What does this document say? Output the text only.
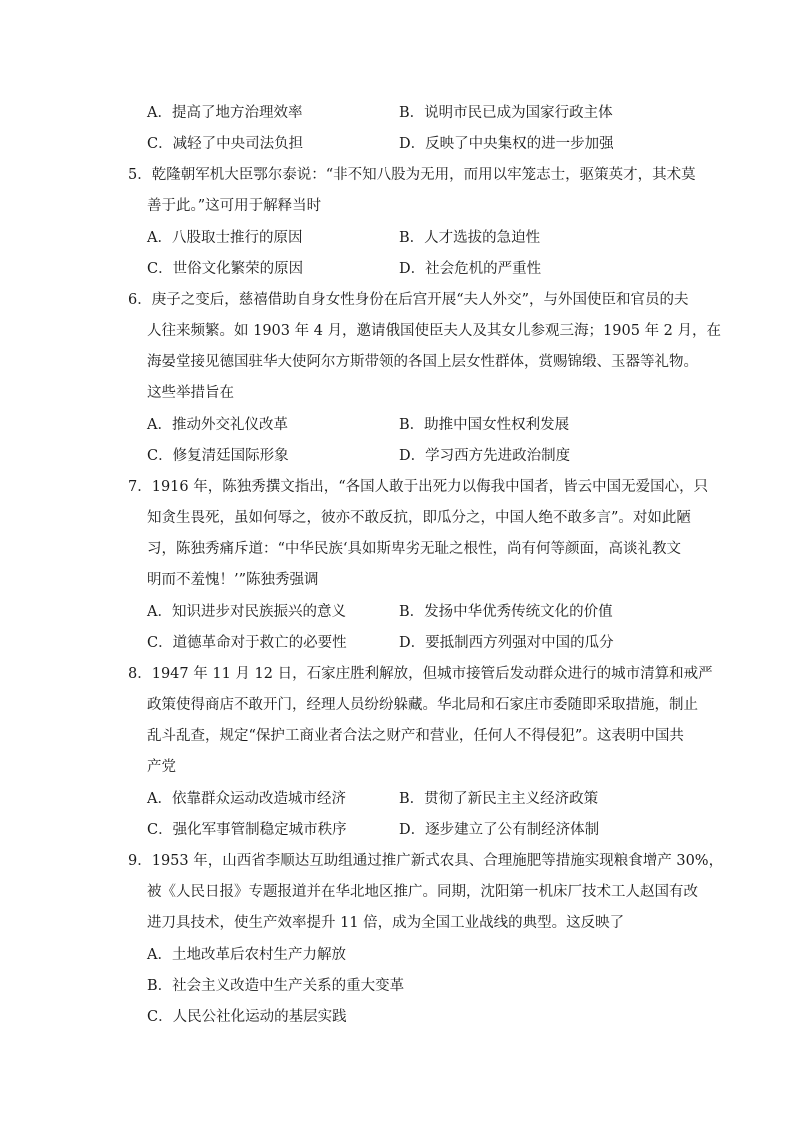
A．提高了地方治理效率	B．说明市民已成为国家行政主体
C．减轻了中央司法负担	D．反映了中央集权的进一步加强
5．乾隆朝军机大臣鄂尔泰说：“非不知八股为无用，而用以牢笼志士，驱策英才，其术莫
善于此。”这可用于解释当时
A．八股取士推行的原因	B．人才选拔的急迫性
C．世俗文化繁荣的原因	D．社会危机的严重性
6．庚子之变后，慈禧借助自身女性身份在后宫开展“夫人外交”，与外国使臣和官员的夫
人往来频繁。如 1903 年 4 月，邀请俄国使臣夫人及其女儿参观三海；1905 年 2 月，在
海晏堂接见德国驻华大使阿尔方斯带领的各国上层女性群体，赏赐锦缎、玉器等礼物。
这些举措旨在
A．推动外交礼仪改革	B．助推中国女性权利发展
C．修复清廷国际形象	D．学习西方先进政治制度
7．1916 年，陈独秀撰文指出，“各国人敢于出死力以侮我中国者，皆云中国无爱国心，只
知贪生畏死，虽如何辱之，彼亦不敢反抗，即瓜分之，中国人绝不敢多言”。对如此陋
习，陈独秀痛斥道：“中华民族‘具如斯卑劣无耻之根性，尚有何等颜面，高谈礼教文
明而不羞愧！’”陈独秀强调
A．知识进步对民族振兴的意义	B．发扬中华优秀传统文化的价值
C．道德革命对于救亡的必要性	D．要抵制西方列强对中国的瓜分
8．1947 年 11 月 12 日，石家庄胜利解放，但城市接管后发动群众进行的城市清算和戒严
政策使得商店不敢开门，经理人员纷纷躲藏。华北局和石家庄市委随即采取措施，制止
乱斗乱查，规定“保护工商业者合法之财产和营业，任何人不得侵犯”。这表明中国共
产党
A．依靠群众运动改造城市经济	B．贯彻了新民主主义经济政策
C．强化军事管制稳定城市秩序	D．逐步建立了公有制经济体制
9．1953 年，山西省李顺达互助组通过推广新式农具、合理施肥等措施实现粮食增产 30%，
被《人民日报》专题报道并在华北地区推广。同期，沈阳第一机床厂技术工人赵国有改
进刀具技术，使生产效率提升 11 倍，成为全国工业战线的典型。这反映了
A．土地改革后农村生产力解放
B．社会主义改造中生产关系的重大变革
C．人民公社化运动的基层实践
